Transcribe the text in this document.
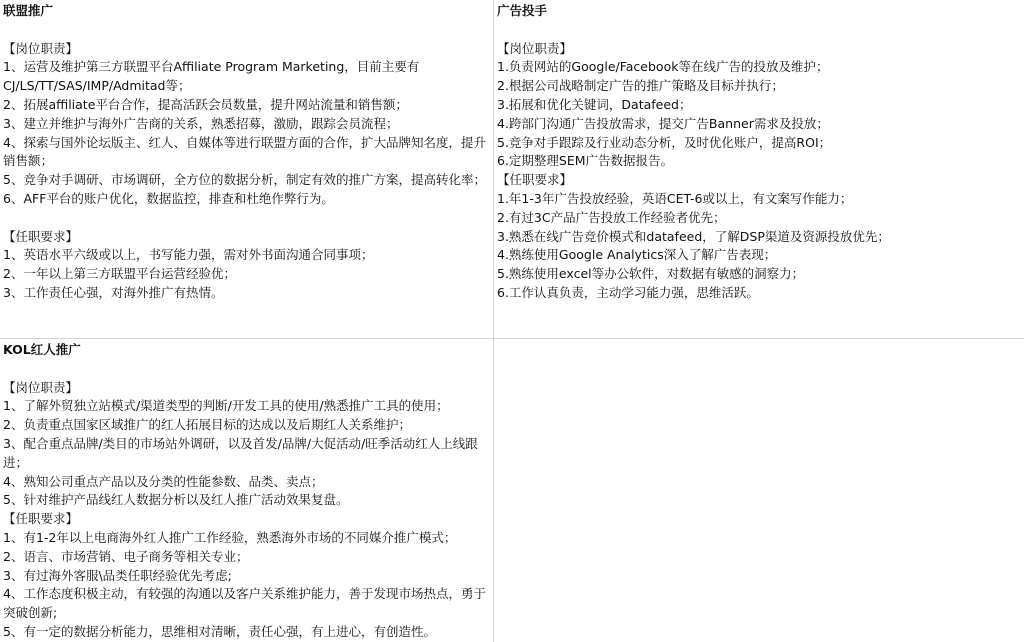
联盟推广
【岗位职责】
1、运营及维护第三方联盟平台Affiliate Program Marketing，目前主要有CJ/LS/TT/SAS/IMP/Admitad等；
2、拓展affiliate平台合作，提高活跃会员数量，提升网站流量和销售额；
3、建立并维护与海外广告商的关系，熟悉招募，激励，跟踪会员流程；
4、探索与国外论坛版主、红人、自媒体等进行联盟方面的合作，扩大品牌知名度，提升销售额；
5、竞争对手调研、市场调研，全方位的数据分析，制定有效的推广方案，提高转化率；
6、AFF平台的账户优化，数据监控，排查和杜绝作弊行为。
【任职要求】
1、英语水平六级或以上，书写能力强，需对外书面沟通合同事项；
2、一年以上第三方联盟平台运营经验优；
3、工作责任心强，对海外推广有热情。
广告投手
【岗位职责】
1.负责网站的Google/Facebook等在线广告的投放及维护；
2.根据公司战略制定广告的推广策略及目标并执行；
3.拓展和优化关键词，Datafeed；
4.跨部门沟通广告投放需求，提交广告Banner需求及投放；
5.竞争对手跟踪及行业动态分析，及时优化账户，提高ROI；
6.定期整理SEM广告数据报告。
【任职要求】
1.年1-3年广告投放经验，英语CET-6或以上，有文案写作能力；
2.有过3C产品广告投放工作经验者优先；
3.熟悉在线广告竞价模式和datafeed，了解DSP渠道及资源投放优先；
4.熟练使用Google Analytics深入了解广告表现；
5.熟练使用excel等办公软件，对数据有敏感的洞察力；
6.工作认真负责，主动学习能力强，思维活跃。
KOL红人推广
【岗位职责】
1、了解外贸独立站模式/渠道类型的判断/开发工具的使用/熟悉推广工具的使用；
2、负责重点国家区域推广的红人拓展目标的达成以及后期红人关系维护；
3、配合重点品牌/类目的市场站外调研，以及首发/品牌/大促活动/旺季活动红人上线跟进；
4、熟知公司重点产品以及分类的性能参数、品类、卖点；
5、针对维护产品线红人数据分析以及红人推广活动效果复盘。
【任职要求】
1、有1-2年以上电商海外红人推广工作经验，熟悉海外市场的不同媒介推广模式；
2、语言、市场营销、电子商务等相关专业；
3、有过海外客服\品类任职经验优先考虑;
4、工作态度积极主动，有较强的沟通以及客户关系维护能力，善于发现市场热点，勇于突破创新;
5、有一定的数据分析能力，思维相对清晰，责任心强，有上进心，有创造性。
